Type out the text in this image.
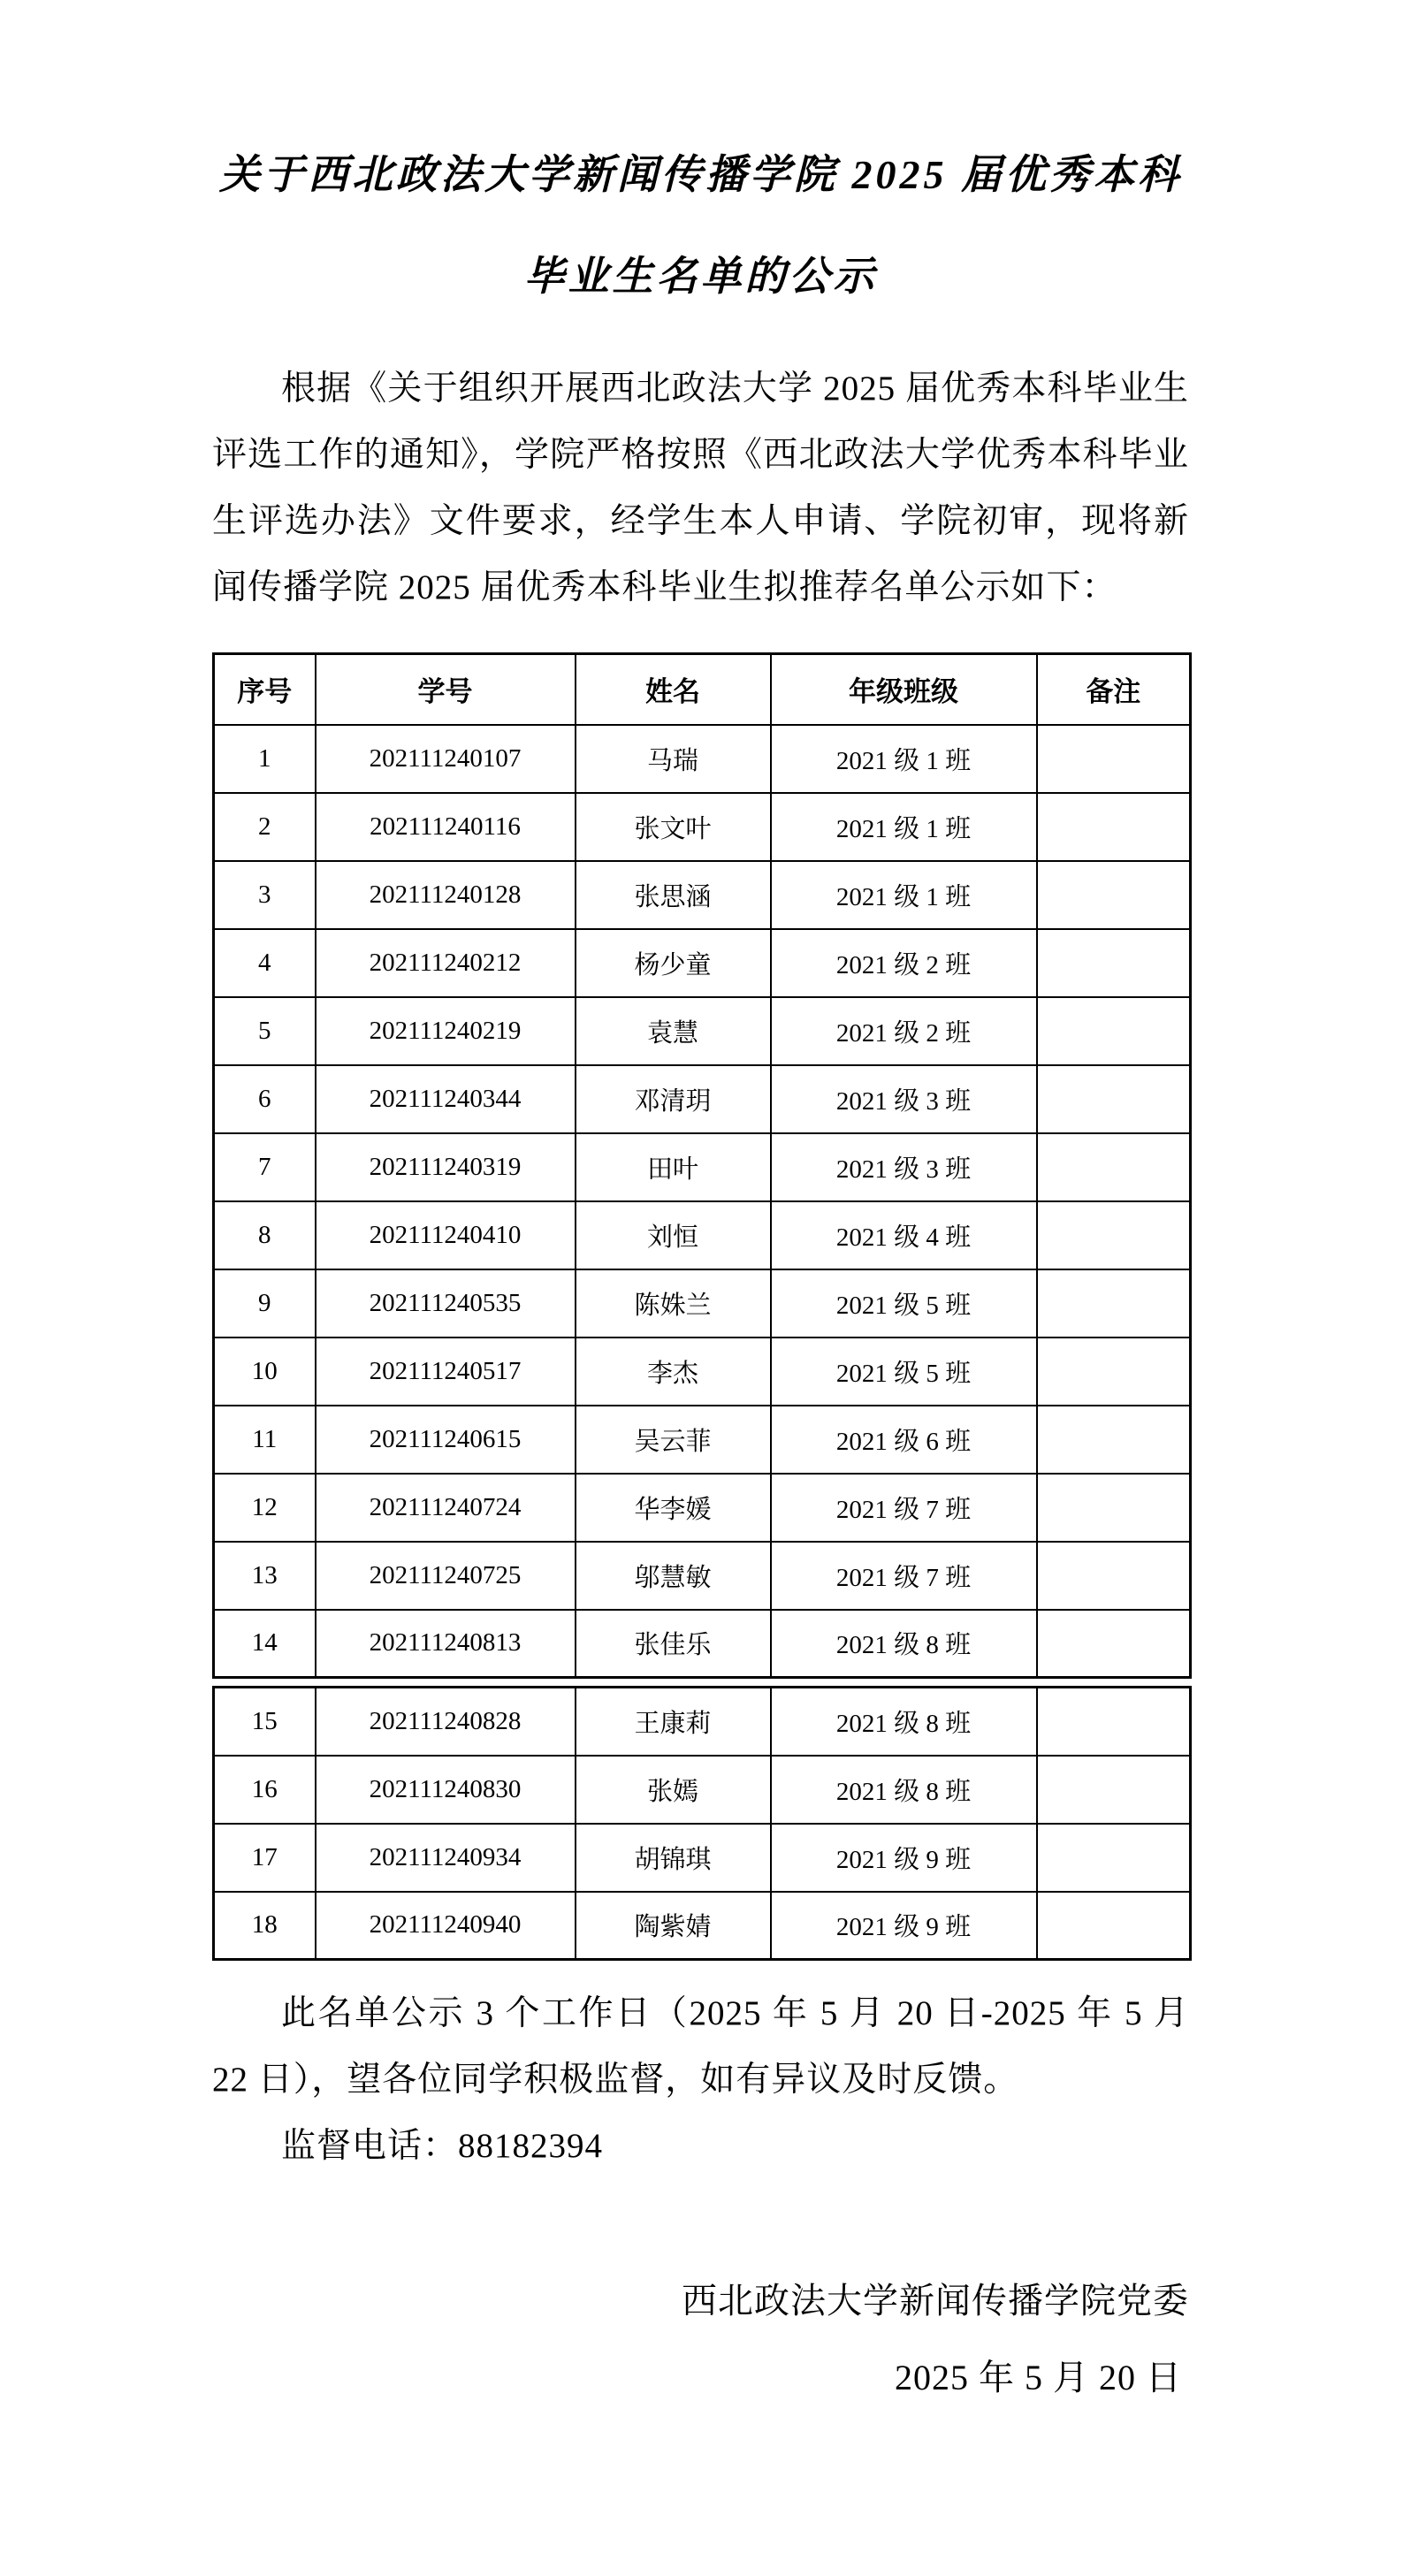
关于西北政法大学新闻传播学院 2025 届优秀本科毕业生名单的公示

根据《关于组织开展西北政法大学 2025 届优秀本科毕业生评选工作的通知》，学院严格按照《西北政法大学优秀本科毕业生评选办法》文件要求，经学生本人申请、学院初审，现将新闻传播学院 2025 届优秀本科毕业生拟推荐名单公示如下：

序号	学号	姓名	年级班级	备注
1	202111240107	马瑞	2021 级 1 班	
2	202111240116	张文叶	2021 级 1 班	
3	202111240128	张思涵	2021 级 1 班	
4	202111240212	杨少童	2021 级 2 班	
5	202111240219	袁慧	2021 级 2 班	
6	202111240344	邓清玥	2021 级 3 班	
7	202111240319	田叶	2021 级 3 班	
8	202111240410	刘恒	2021 级 4 班	
9	202111240535	陈姝兰	2021 级 5 班	
10	202111240517	李杰	2021 级 5 班	
11	202111240615	吴云菲	2021 级 6 班	
12	202111240724	华李媛	2021 级 7 班	
13	202111240725	邬慧敏	2021 级 7 班	
14	202111240813	张佳乐	2021 级 8 班	
15	202111240828	王康莉	2021 级 8 班	
16	202111240830	张嫣	2021 级 8 班	
17	202111240934	胡锦琪	2021 级 9 班	
18	202111240940	陶紫婧	2021 级 9 班	

此名单公示 3 个工作日（2025 年 5 月 20 日-2025 年 5 月 22 日），望各位同学积极监督，如有异议及时反馈。

监督电话：88182394

西北政法大学新闻传播学院党委

2025 年 5 月 20 日
